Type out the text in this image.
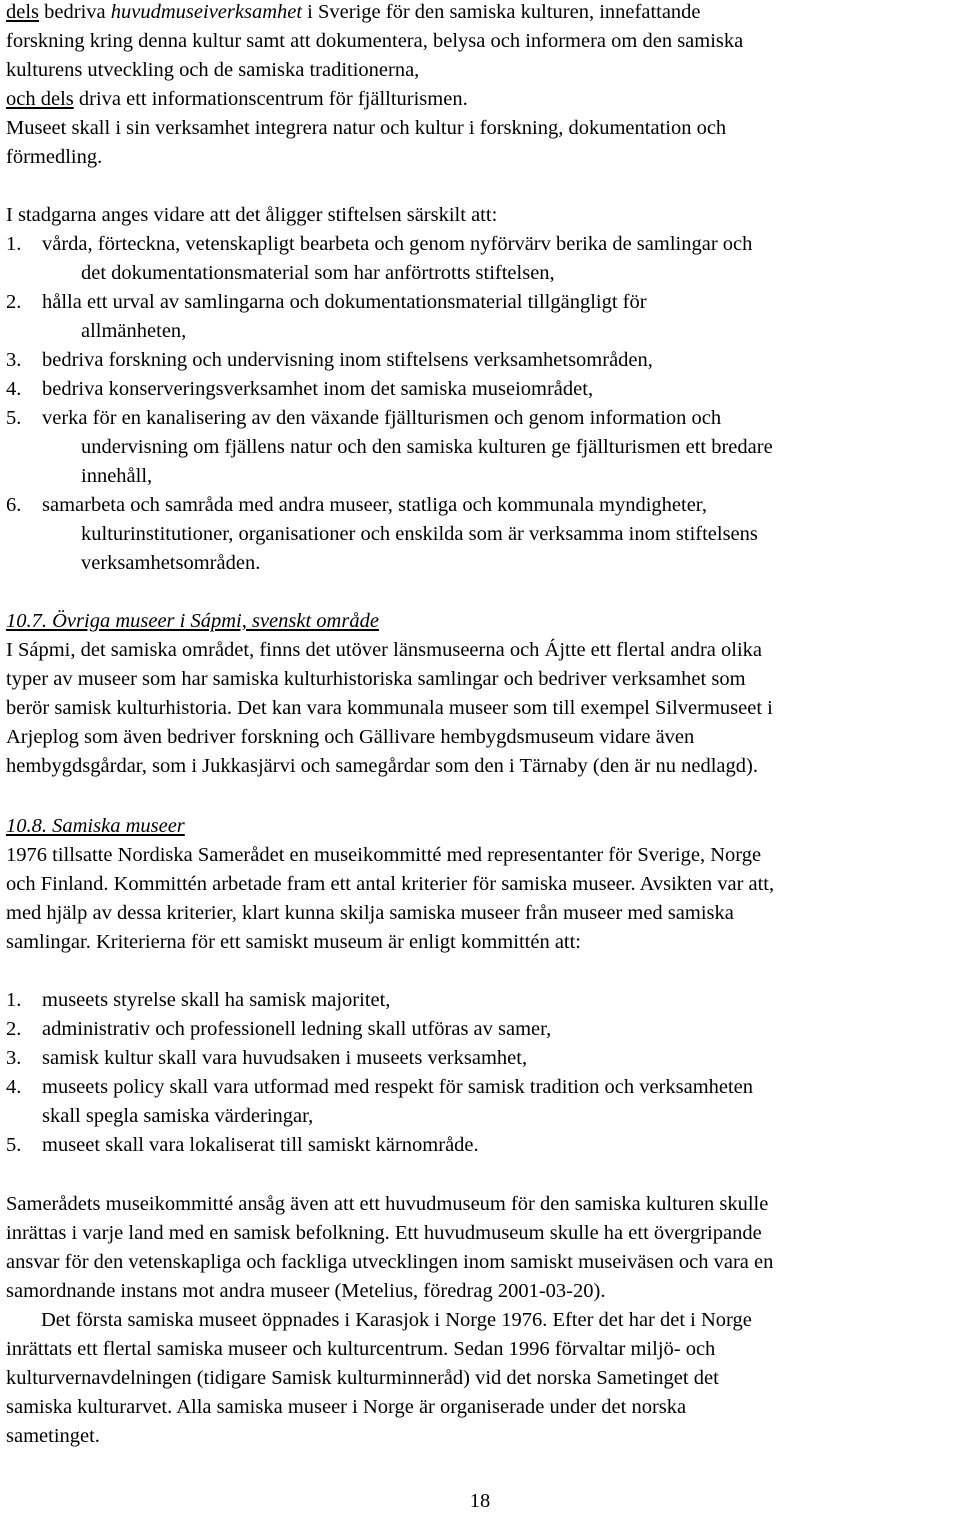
dels bedriva huvudmuseiverksamhet i Sverige för den samiska kulturen, innefattande
forskning kring denna kultur samt att dokumentera, belysa och informera om den samiska
kulturens utveckling och de samiska traditionerna,
och dels driva ett informationscentrum för fjällturismen.
Museet skall i sin verksamhet integrera natur och kultur i forskning, dokumentation och
förmedling.
I stadgarna anges vidare att det åligger stiftelsen särskilt att:
1. vårda, förteckna, vetenskapligt bearbeta och genom nyförvärv berika de samlingar och
det dokumentationsmaterial som har anförtrotts stiftelsen,
2. hålla ett urval av samlingarna och dokumentationsmaterial tillgängligt för
allmänheten,
3. bedriva forskning och undervisning inom stiftelsens verksamhetsområden,
4. bedriva konserveringsverksamhet inom det samiska museiområdet,
5. verka för en kanalisering av den växande fjällturismen och genom information och
undervisning om fjällens natur och den samiska kulturen ge fjällturismen ett bredare
innehåll,
6. samarbeta och samråda med andra museer, statliga och kommunala myndigheter,
kulturinstitutioner, organisationer och enskilda som är verksamma inom stiftelsens
verksamhetsområden.
10.7. Övriga museer i Sápmi, svenskt område
I Sápmi, det samiska området, finns det utöver länsmuseerna och Ájtte ett flertal andra olika
typer av museer som har samiska kulturhistoriska samlingar och bedriver verksamhet som
berör samisk kulturhistoria. Det kan vara kommunala museer som till exempel Silvermuseet i
Arjeplog som även bedriver forskning och Gällivare hembygdsmuseum vidare även
hembygdsgårdar, som i Jukkasjärvi och samegårdar som den i Tärnaby (den är nu nedlagd).
10.8. Samiska museer
1976 tillsatte Nordiska Samerådet en museikommitté med representanter för Sverige, Norge
och Finland. Kommittén arbetade fram ett antal kriterier för samiska museer. Avsikten var att,
med hjälp av dessa kriterier, klart kunna skilja samiska museer från museer med samiska
samlingar. Kriterierna för ett samiskt museum är enligt kommittén att:
1. museets styrelse skall ha samisk majoritet,
2. administrativ och professionell ledning skall utföras av samer,
3. samisk kultur skall vara huvudsaken i museets verksamhet,
4. museets policy skall vara utformad med respekt för samisk tradition och verksamheten
skall spegla samiska värderingar,
5. museet skall vara lokaliserat till samiskt kärnområde.
Samerådets museikommitté ansåg även att ett huvudmuseum för den samiska kulturen skulle
inrättas i varje land med en samisk befolkning. Ett huvudmuseum skulle ha ett övergripande
ansvar för den vetenskapliga och fackliga utvecklingen inom samiskt museiväsen och vara en
samordnande instans mot andra museer (Metelius, föredrag 2001-03-20).
Det första samiska museet öppnades i Karasjok i Norge 1976. Efter det har det i Norge
inrättats ett flertal samiska museer och kulturcentrum. Sedan 1996 förvaltar miljö- och
kulturvernavdelningen (tidigare Samisk kulturminneråd) vid det norska Sametinget det
samiska kulturarvet. Alla samiska museer i Norge är organiserade under det norska
sametinget.
18
